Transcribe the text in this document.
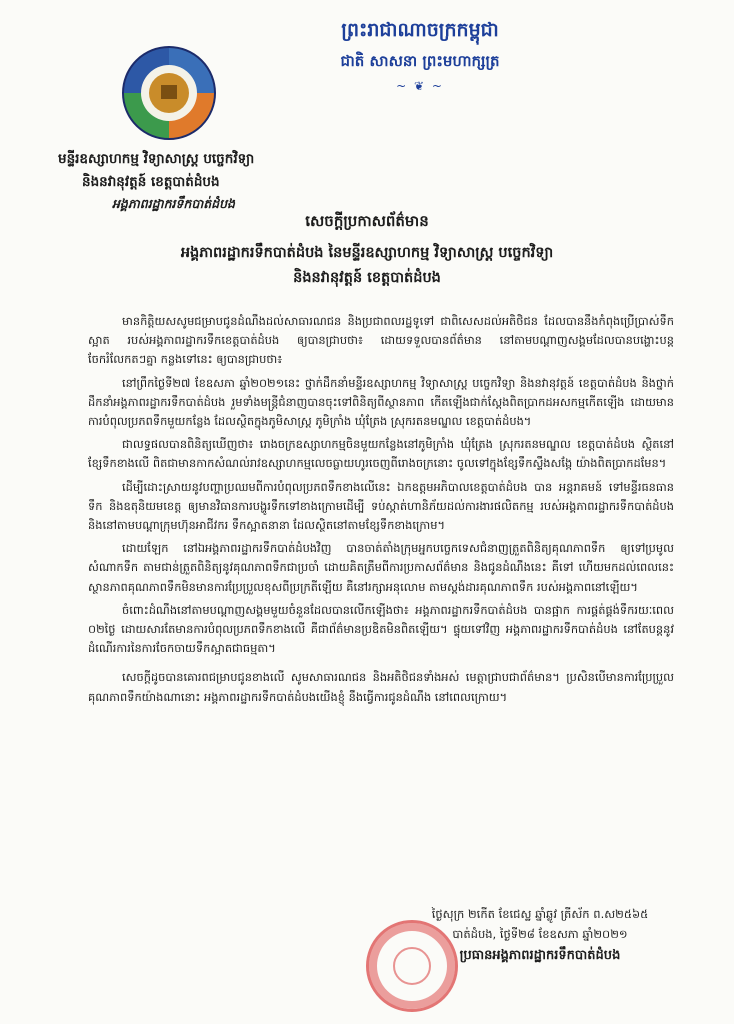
ព្រះរាជាណាចក្រកម្ពុជា
ជាតិ សាសនា ព្រះមហាក្សត្រ
~ ❦ ~
មន្ទីរឧស្សាហកម្ម វិទ្យាសាស្ត្រ បច្ចេកវិទ្យា
និងនវានុវត្តន៍ ខេត្តបាត់ដំបង
អង្គភាពរដ្ឋាករទឹកបាត់ដំបង
សេចក្តីប្រកាសព័ត៌មាន
អង្គភាពរដ្ឋាករទឹកបាត់ដំបង នៃមន្ទីរឧស្សាហកម្ម វិទ្យាសាស្ត្រ បច្ចេកវិទ្យា
និងនវានុវត្តន៍ ខេត្តបាត់ដំបង

មានកិត្តិយសសូមជម្រាបជូនដំណឹងដល់សាធារណជន និងប្រជាពលរដ្ឋទូទៅ ជាពិសេសដល់អតិថិជន ដែលបាននឹងកំពុងប្រើប្រាស់ទឹកស្អាត របស់អង្គភាពរដ្ឋាករទឹកខេត្តបាត់ដំបង ឲ្យបានជ្រាបថា៖ ដោយទទួលបានព័ត៌មាន នៅតាមបណ្តាញសង្គមដែលបានបង្ហោះបន្តចែករំលែកតៗគ្នា កន្លងទៅនេះ ឲ្យបានជ្រាបថា៖

នៅព្រឹកថ្ងៃទី២៧ ខែឧសភា ឆ្នាំ២០២១នេះ ថ្នាក់ដឹកនាំមន្ទីរឧស្សាហកម្ម វិទ្យាសាស្ត្រ បច្ចេកវិទ្យា និងនវានុវត្តន៍ ខេត្តបាត់ដំបង និងថ្នាក់ដឹកនាំអង្គភាពរដ្ឋាករទឹកបាត់ដំបង រួមទាំងមន្ត្រីជំនាញបានចុះទៅពិនិត្យពីស្ថានភាព កើតឡើងជាក់ស្តែងពិតប្រាកដអសកម្មកើតឡើង ដោយមានការបំពុលប្រភពទឹកមួយកន្លែង ដែលស្ថិតក្នុងភូមិសាស្ត្រ ភូមិក្រាំង ឃុំត្រែង ស្រុករតនមណ្ឌល ខេត្តបាត់ដំបង។

ជាលទ្ធផលបានពិនិត្យឃើញថា៖ រោងចក្រឧស្សាហកម្មចិនមួយកន្លែងនៅភូមិក្រាំង ឃុំត្រែង ស្រុករតនមណ្ឌល ខេត្តបាត់ដំបង ស្ថិតនៅខ្សែទឹកខាងលើ ពិតជាមានកាកសំណល់រាវឧស្សាហកម្មលេចធ្លាយហូរចេញពីរោងចក្រនោះ ចូលទៅក្នុងខ្សែទឹកស្ទឹងសង្កែ យ៉ាងពិតប្រាកដមែន។

ដើម្បីដោះស្រាយនូវបញ្ហាប្រឈមពីការបំពុលប្រភពទឹកខាងលើនេះ ឯកឧត្តមអភិបាលខេត្តបាត់ដំបង បាន អន្តរាគមន៍ ទៅមន្ទីរធនធានទឹក និងឧតុនិយមខេត្ត ឲ្យមានវិធានការបង្ហូរទឹកទៅខាងក្រោមដើម្បី ទប់ស្កាត់ហានិភ័យដល់ការងារផលិតកម្ម របស់អង្គភាពរដ្ឋាករទឹកបាត់ដំបង និងនៅតាមបណ្តាក្រុមហ៊ុនអាជីវករ ទឹកស្អាតនានា ដែលស្ថិតនៅតាមខ្សែទឹកខាងក្រោម។

ដោយឡែក នៅឯអង្គភាពរដ្ឋាករទឹកបាត់ដំបងវិញ បានចាត់តាំងក្រុមអ្នកបច្ចេកទេសជំនាញត្រួតពិនិត្យគុណភាពទឹក ឲ្យទៅប្រមូលសំណាកទឹក តាមជាន់ត្រួតពិនិត្យនូវគុណភាពទឹកជាប្រចាំ ដោយគិតត្រឹមពីការប្រកាសព័ត៌មាន និងជូនដំណឹងនេះ គឺទៅ ហើយមកដល់ពេលនេះ ស្ថានភាពគុណភាពទឹកមិនមានការប្រែប្រួលខុសពីប្រក្រតីឡើយ គឺនៅរក្សាអនុលោម តាមស្តង់ដារគុណភាពទឹក របស់អង្គភាពនៅឡើយ។

ចំពោះដំណឹងនៅតាមបណ្តាញសង្គមមួយចំនួនដែលបានលើកឡើងថា៖ អង្គភាពរដ្ឋាករទឹកបាត់ដំបង បានផ្អាក ការផ្គត់ផ្គង់ទឹករយៈពេល ០២ថ្ងៃ ដោយសារតែមានការបំពុលប្រភពទឹកខាងលើ គឺជាព័ត៌មានប្រឌិតមិនពិតឡើយ។ ផ្ទុយទៅវិញ អង្គភាពរដ្ឋាករទឹកបាត់ដំបង នៅតែបន្តនូវដំណើរការនៃការចែកចាយទឹកស្អាតជាធម្មតា។

សេចក្តីដូចបានគោរពជម្រាបជូនខាងលើ សូមសាធារណជន និងអតិថិជនទាំងអស់ មេត្តាជ្រាបជាព័ត៌មាន។ ប្រសិនបើមានការប្រែប្រួលគុណភាពទឹកយ៉ាងណានោះ អង្គភាពរដ្ឋាករទឹកបាត់ដំបងយើងខ្ញុំ នឹងធ្វើការជូនដំណឹង នៅពេលក្រោយ។

ថ្ងៃសុក្រ ២កើត ខែជេស្ឋ ឆ្នាំឆ្លូវ ត្រីស័ក ព.ស២៥៦៥
បាត់ដំបង, ថ្ងៃទី២៨ ខែឧសភា ឆ្នាំ២០២១
ប្រធានអង្គភាពរដ្ឋាករទឹកបាត់ដំបង
